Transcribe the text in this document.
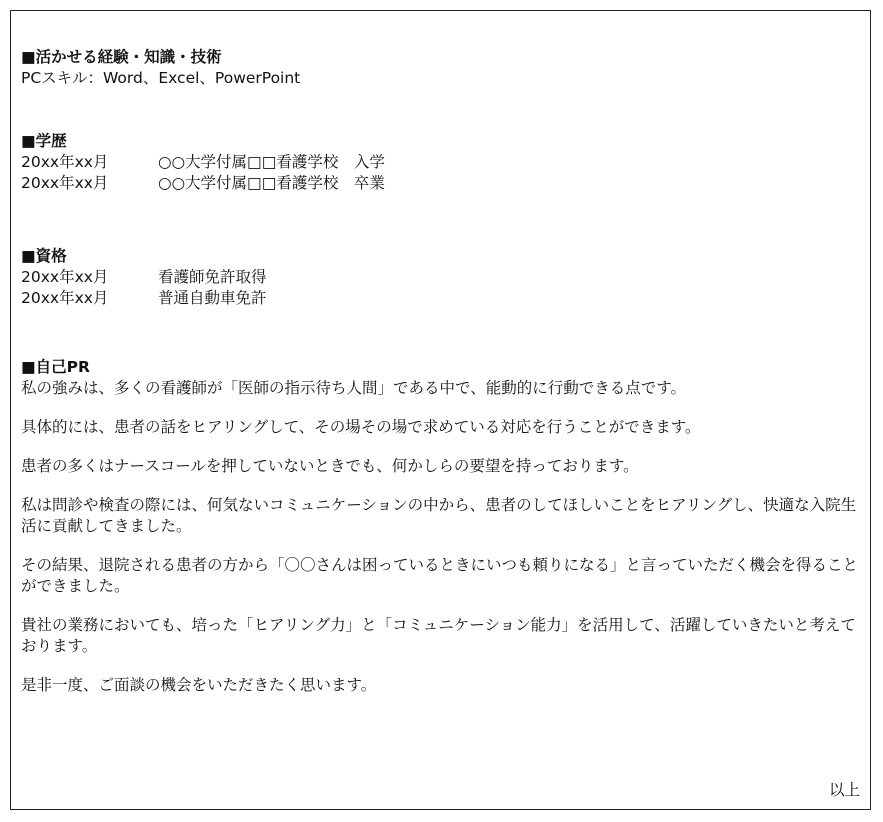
■活かせる経験・知識・技術

PCスキル：Word、Excel、PowerPoint

■学歴

20xx年xx月	○○大学付属□□看護学校　入学
20xx年xx月	○○大学付属□□看護学校　卒業

■資格

20xx年xx月	看護師免許取得
20xx年xx月	普通自動車免許

■自己PR

私の強みは、多くの看護師が「医師の指示待ち人間」である中で、能動的に行動できる点です。

具体的には、患者の話をヒアリングして、その場その場で求めている対応を行うことができます。

患者の多くはナースコールを押していないときでも、何かしらの要望を持っております。

私は問診や検査の際には、何気ないコミュニケーションの中から、患者のしてほしいことをヒアリングし、快適な入院生活に貢献してきました。

その結果、退院される患者の方から「〇〇さんは困っているときにいつも頼りになる」と言っていただく機会を得ることができました。

貴社の業務においても、培った「ヒアリング力」と「コミュニケーション能力」を活用して、活躍していきたいと考えております。

是非一度、ご面談の機会をいただきたく思います。

以上
